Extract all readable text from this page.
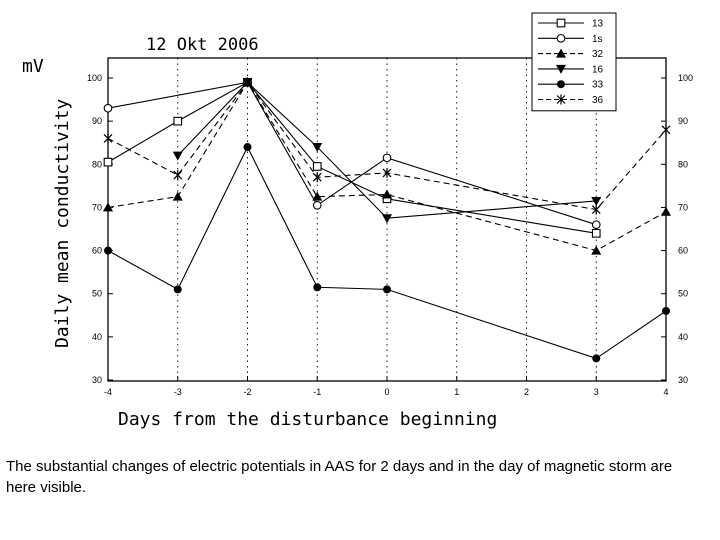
30	30
40	40
50	50
60	60
70	70
80	80
90	90
100	100
-4	-3	-2	-1	0	1	2	3	4
13
1s
32
16
33
36
12 Okt 2006
mV
Days from the disturbance beginning
Daily mean conductivity
The substantial changes of electric potentials in AAS for 2 days and in the day of magnetic storm are here visible.
